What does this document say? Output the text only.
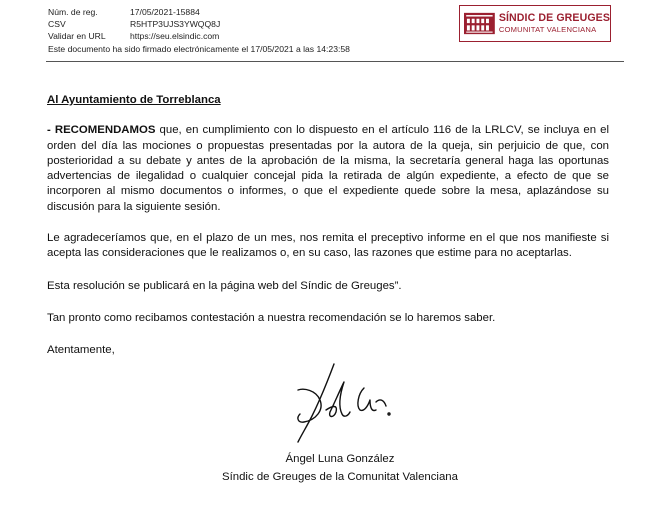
Núm. de reg.	17/05/2021-15884
CSV	R5HTP3UJS3YWQQ8J
Validar en URL	https://seu.elsindic.com
Este documento ha sido firmado electrónicamente el 17/05/2021 a las 14:23:58
SÍNDIC DE GREUGES
COMUNITAT VALENCIANA

Al Ayuntamiento de Torreblanca

- RECOMENDAMOS que, en cumplimiento con lo dispuesto en el artículo 116 de la LRLCV, se incluya en el orden del día las mociones o propuestas presentadas por la autora de la queja, sin perjuicio de que, con posterioridad a su debate y antes de la aprobación de la misma, la secretaría general haga las oportunas advertencias de ilegalidad o cualquier concejal pida la retirada de algún expediente, a efecto de que se incorporen al mismo documentos o informes, o que el expediente quede sobre la mesa, aplazándose su discusión para la siguiente sesión.

Le agradeceríamos que, en el plazo de un mes, nos remita el preceptivo informe en el que nos manifieste si acepta las consideraciones que le realizamos o, en su caso, las razones que estime para no aceptarlas.

Esta resolución se publicará en la página web del Síndic de Greuges”.

Tan pronto como recibamos contestación a nuestra recomendación se lo haremos saber.

Atentamente,

Ángel Luna González
Síndic de Greuges de la Comunitat Valenciana
